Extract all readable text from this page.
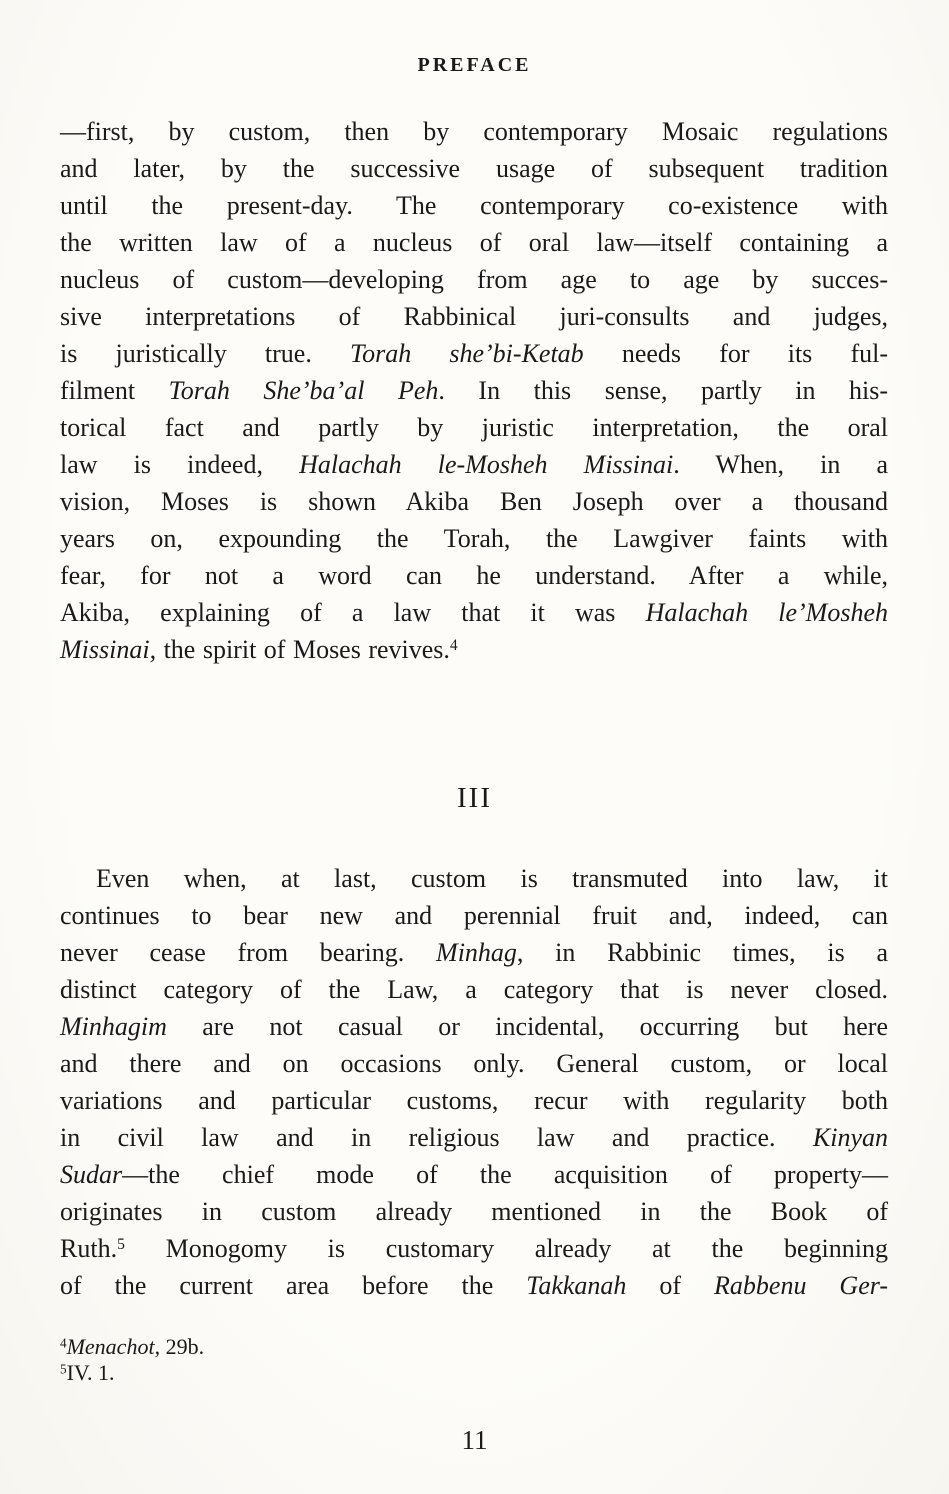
PREFACE
—first, by custom, then by contemporary Mosaic regulations
and later, by the successive usage of subsequent tradition
until the present-day. The contemporary co-existence with
the written law of a nucleus of oral law—itself containing a
nucleus of custom—developing from age to age by succes-
sive interpretations of Rabbinical juri-consults and judges,
is juristically true. Torah she’bi-Ketab needs for its ful-
filment Torah She’ba’al Peh. In this sense, partly in his-
torical fact and partly by juristic interpretation, the oral
law is indeed, Halachah le-Mosheh Missinai. When, in a
vision, Moses is shown Akiba Ben Joseph over a thousand
years on, expounding the Torah, the Lawgiver faints with
fear, for not a word can he understand. After a while,
Akiba, explaining of a law that it was Halachah le’Mosheh
Missinai, the spirit of Moses revives.$^4$
III
Even when, at last, custom is transmuted into law, it
continues to bear new and perennial fruit and, indeed, can
never cease from bearing. Minhag, in Rabbinic times, is a
distinct category of the Law, a category that is never closed.
Minhagim are not casual or incidental, occurring but here
and there and on occasions only. General custom, or local
variations and particular customs, recur with regularity both
in civil law and in religious law and practice. Kinyan
Sudar—the chief mode of the acquisition of property—
originates in custom already mentioned in the Book of
Ruth.$^5$ Monogomy is customary already at the beginning
of the current area before the Takkanah of Rabbenu Ger-
$^4$Menachot, 29b.
$^5$IV. 1.
11
